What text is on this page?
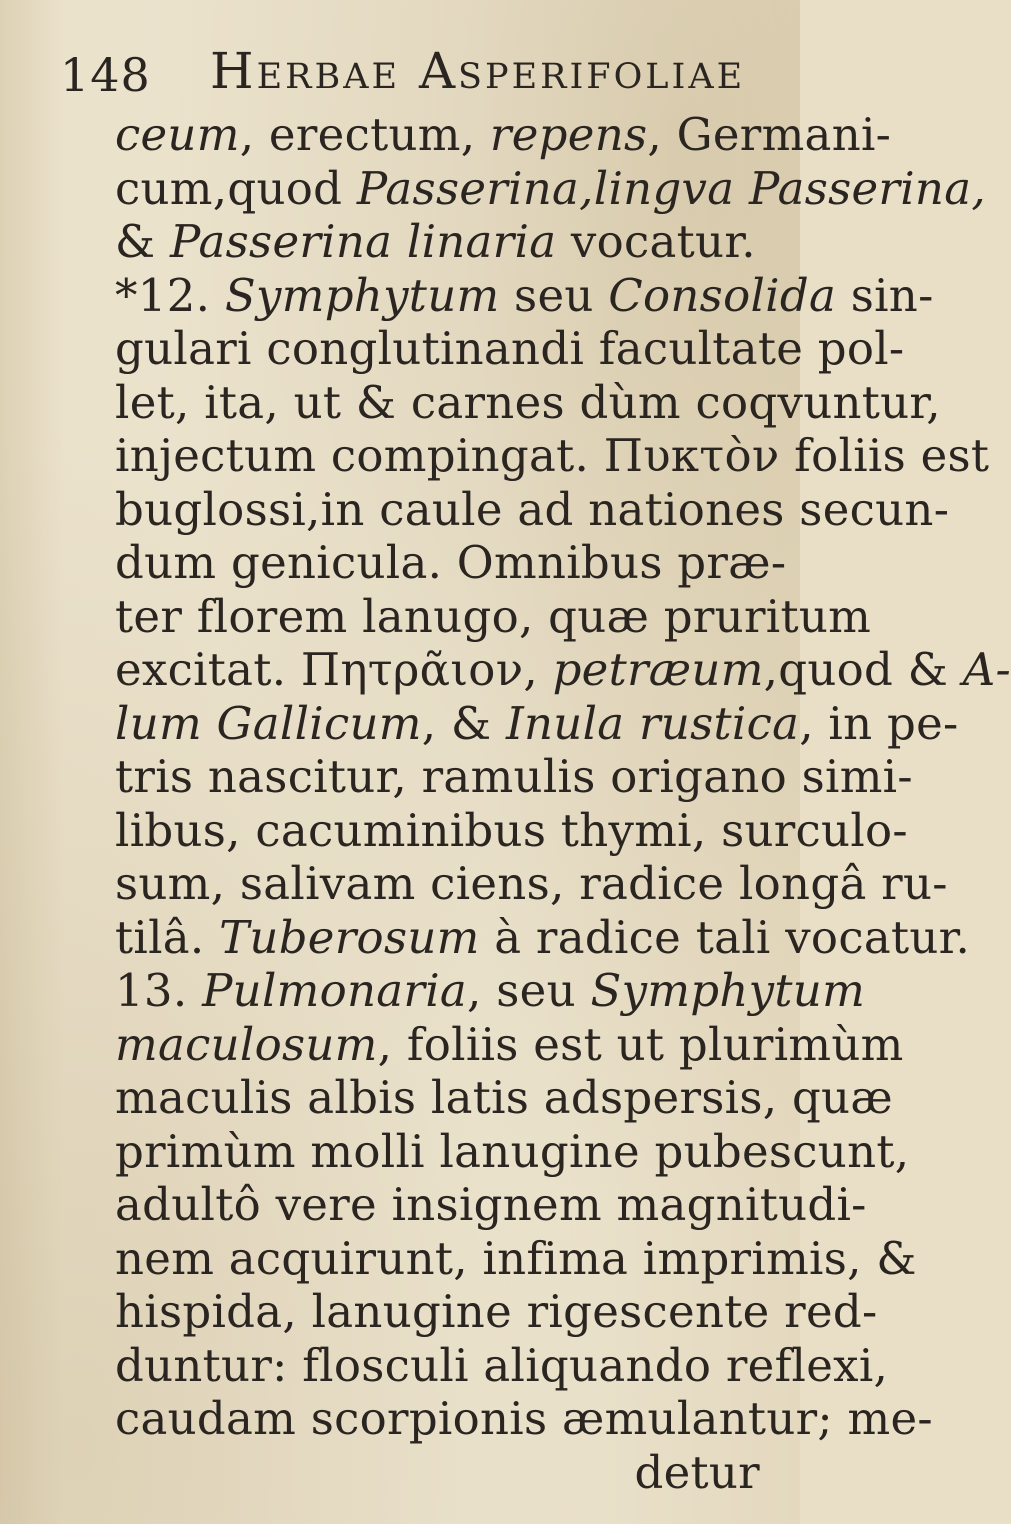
148 Herbae Asperifoliae
ceum, erectum, repens, Germani-
cum,quod Passerina,lingva Passerina,
& Passerina linaria vocatur.
*12. Symphytum seu Consolida sin-
gulari conglutinandi facultate pol-
let, ita, ut & carnes dùm coqvuntur,
injectum compingat. Πυκτὸν foliis est
buglossi,in caule ad nationes secun-
dum genicula. Omnibus præ-
ter florem lanugo, quæ pruritum
excitat. Πητρᾶιον, petræum,quod & A-
lum Gallicum, & Inula rustica, in pe-
tris nascitur, ramulis origano simi-
libus, cacuminibus thymi, surculo-
sum, salivam ciens, radice longâ ru-
tilâ. Tuberosum à radice tali vocatur.
13. Pulmonaria, seu Symphytum
maculosum, foliis est ut plurimùm
maculis albis latis adspersis, quæ
primùm molli lanugine pubescunt,
adultô vere insignem magnitudi-
nem acquirunt, infima imprimis, &
hispida, lanugine rigescente red-
duntur: flosculi aliquando reflexi,
caudam scorpionis æmulantur; me-
detur
